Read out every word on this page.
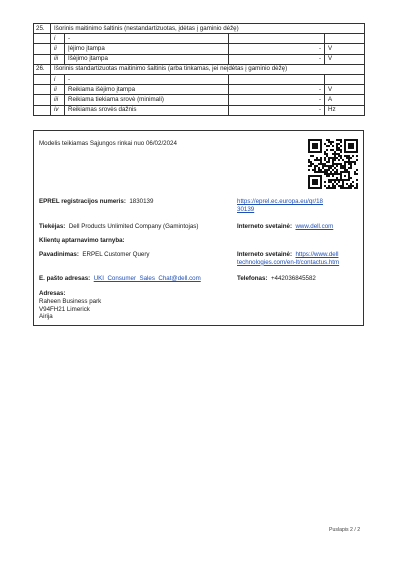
25.	Išorinis maitinimo šaltinis (nestandartizuotas, įdėtas į gaminio dėžę)			
	i	-		
	ii	Įėjimo įtampa	-	V
	iii	Išėjimo įtampa	-	V
26.	Išorinis standartizuotas maitinimo šaltinis (arba tinkamas, jei neįdėtas į gaminio dėžę)			
	i	-		
	ii	Reikiama išėjimo įtampa	-	V
	iii	Reikiama tiekiama srovė (minimali)	-	A
	iv	Reikiamas srovės dažnis	-	Hz
Modelis teikiamas Sąjungos rinkai nuo 06/02/2024
EPREL registracijos numeris: 1830139	https://eprel.ec.europa.eu/qr/18
30139
Tiekėjas: Dell Products Unlimited Company (Gamintojas)	Interneto svetainė: www.dell.com
Klientų aptarnavimo tarnyba:
Pavadinimas: ERPEL Customer Query	Interneto svetainė: https://www.dell
technologies.com/en-lt/contactus.htm
E. pašto adresas: UKI_Consumer_Sales_Chat@dell.com	Telefonas: +442036845582
Adresas:
Raheen Business park
V94FH21 Limerick
Airija
Puslapis 2 / 2
